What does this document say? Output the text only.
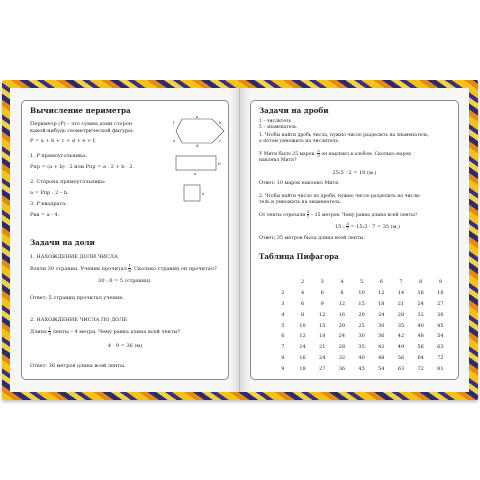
Вычисление периметра
Периметр (P) – это сумма длин сторон
какой-нибудь геометрической фигуры:
P = a + b + c + d + e + f.
a
b
c
d
e
f
1. P прямоугольника:
Pпр = (a + b) · 2 или Pпр = a · 2 + b · 2.
a
b
2. Сторона прямоугольника:
a = Pпр : 2 – b.
3. P квадрата:
Pкв = a · 4.
a
Задачи на доли
1. НАХОЖДЕНИЕ ДОЛИ ЧИСЛА
Взяли 30 страниц. Ученик прочитал $\frac{1}{6}$ . Сколько страниц он прочитал?
30 : 6 = 5 (страниц).
Ответ: 5 страниц прочитал ученик.
2. НАХОЖДЕНИЕ ЧИСЛА ПО ДОЛЕ
Длина $\frac{1}{9}$ ленты – 4 метра. Чему равна длина всей ленты?
4 · 9 = 36 (м)
Ответ: 36 метров длина всей ленты.
Задачи на дроби
1 – числитель
5 – знаменатель
1. Чтобы найти дробь числа, нужно число разделить на знаменатель,
а потом умножить на числитель.
У Мити было 25 марок. $\frac{2}{5}$ он наклеил в альбом. Сколько марок
наклеил Митя?
25:5 · 2 = 10 (м.)
Ответ: 10 марок наклеил Митя.
2. Чтобы найти число по дроби, нужно число разделить на числи-
тель и умножить на знаменатель.
От ленты отрезали $\frac{3}{7} - 15$ метров. Чему равна длина всей ленты?
15 : $\frac{3}{7}$ = 15:3 · 7 = 35 (м.)
Ответ: 35 метров была длина всей ленты.
Таблица Пифагора
	2	3	4	5	6	7	8	9
2	4	6	8	10	12	14	16	18
3	6	9	12	15	18	21	24	27
4	8	12	16	20	24	28	32	36
5	10	15	20	25	30	35	40	45
6	12	18	24	30	36	42	48	54
7	14	21	28	35	42	49	56	63
8	16	24	32	40	48	56	64	72
9	18	27	36	45	54	63	72	81
